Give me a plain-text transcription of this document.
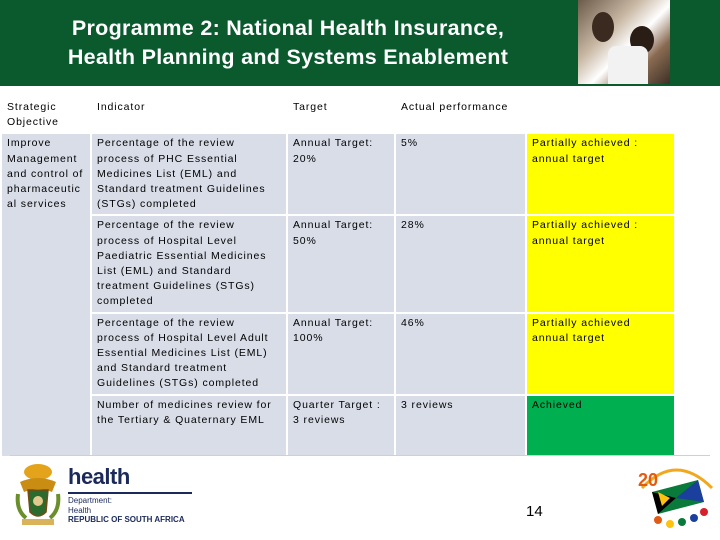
Programme 2: National Health Insurance,
Health Planning and Systems Enablement
Strategic Objective	Indicator	Target	Actual performance	
Improve Management and control of pharmaceutic al services	Percentage of the review process of PHC Essential Medicines List (EML) and Standard treatment Guidelines (STGs) completed	Annual Target: 20%	5%	Partially achieved : annual target
	Percentage of the review process of Hospital Level Paediatric Essential Medicines List (EML) and Standard treatment Guidelines (STGs) completed	Annual Target: 50%	28%	Partially achieved : annual target
	Percentage of the review process of Hospital Level Adult Essential Medicines List (EML) and Standard treatment Guidelines (STGs) completed	Annual Target: 100%	46%	Partially achieved annual target
	Number of medicines review for the Tertiary & Quaternary EML	Quarter Target : 3 reviews	3 reviews	Achieved
health
Department:
Health
REPUBLIC OF SOUTH AFRICA	14
20
